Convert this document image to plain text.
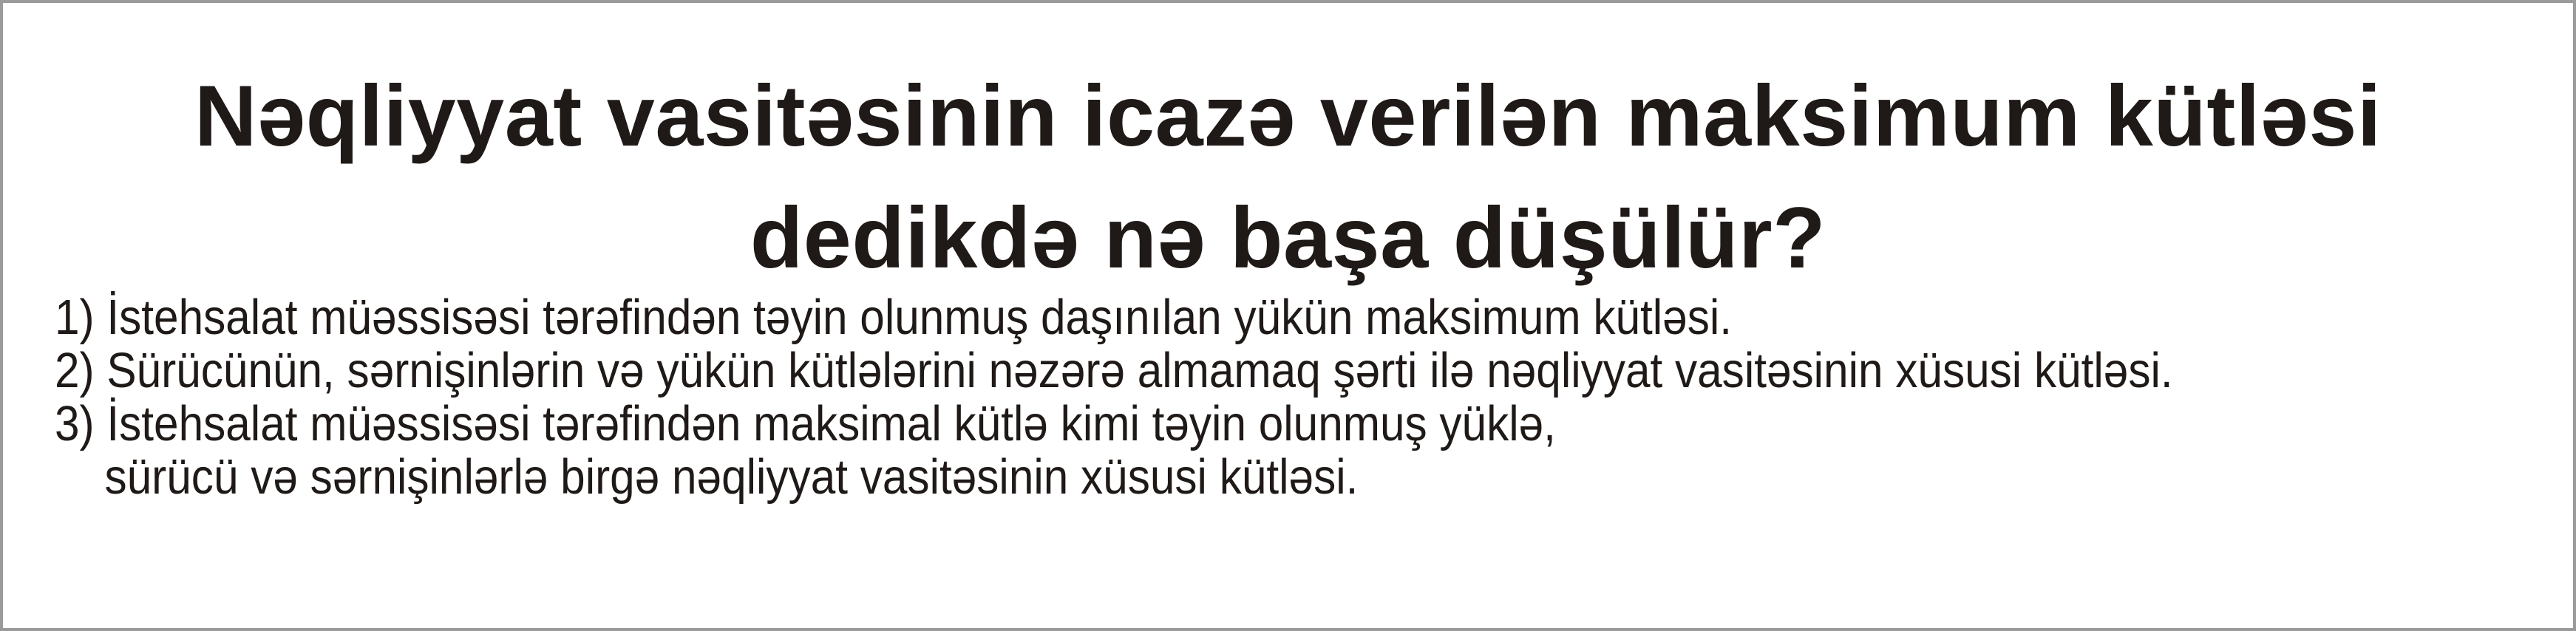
Nəqliyyat vasitəsinin icazə verilən maksimum kütləsi
dedikdə nə başa düşülür?
1) İstehsalat müəssisəsi tərəfindən təyin olunmuş daşınılan yükün maksimum kütləsi.
2) Sürücünün, sərnişinlərin və yükün kütlələrini nəzərə almamaq şərti ilə nəqliyyat vasitəsinin xüsusi kütləsi.
3) İstehsalat müəssisəsi tərəfindən maksimal kütlə kimi təyin olunmuş yüklə,
sürücü və sərnişinlərlə birgə nəqliyyat vasitəsinin xüsusi kütləsi.
